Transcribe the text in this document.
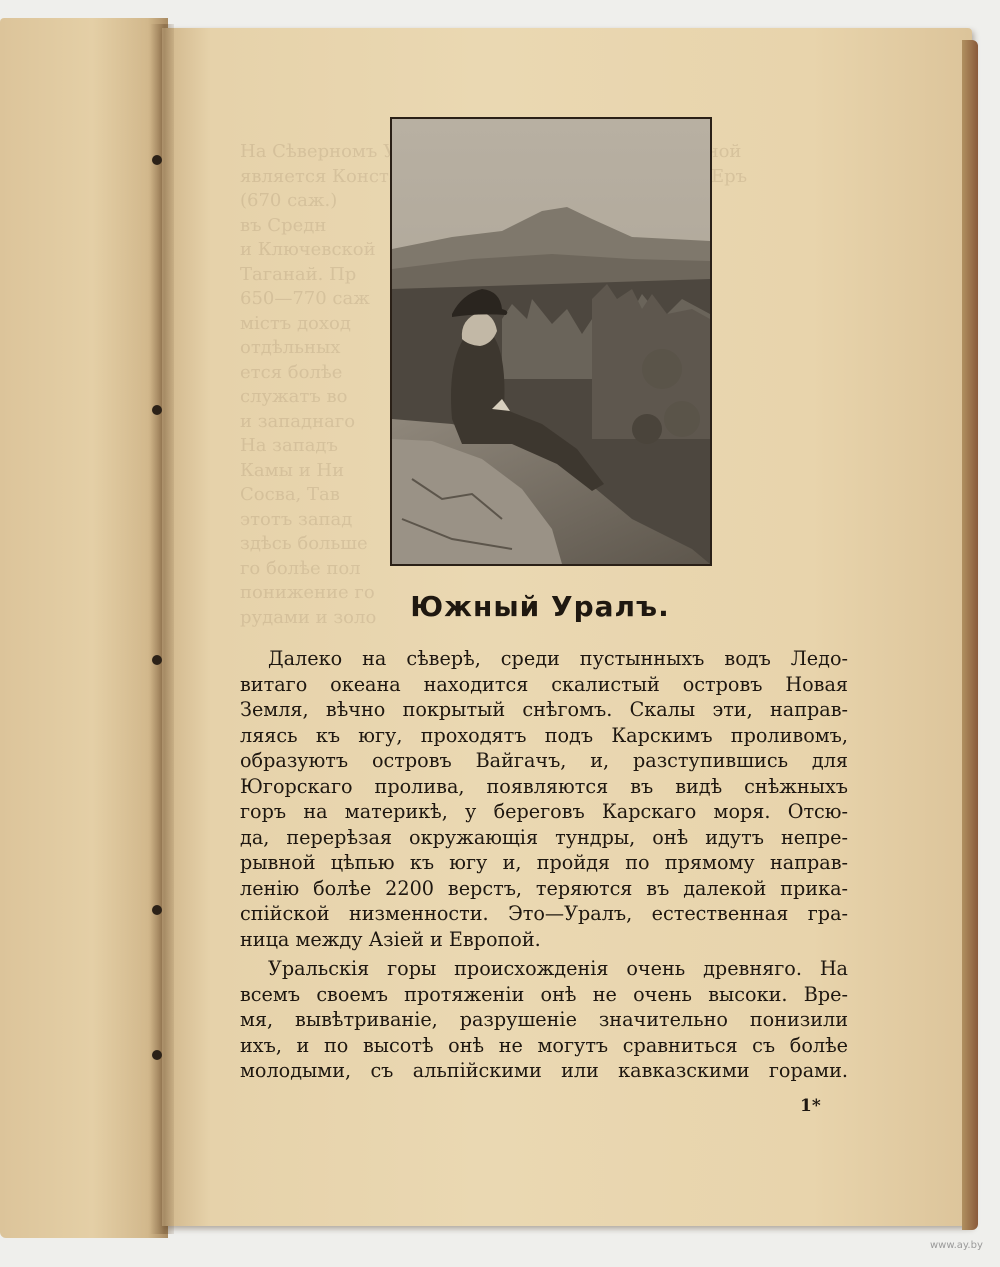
Южный Уралъ.
Далеко на сѣверѣ, среди пустынныхъ водъ Ледо-
витаго океана находится скалистый островъ Новая
Земля, вѣчно покрытый снѣгомъ. Скалы эти, направ-
ляясь къ югу, проходятъ подъ Карскимъ проливомъ,
образуютъ островъ Вайгачъ, и, разступившись для
Югорскаго пролива, появляются въ видѣ снѣжныхъ
горъ на материкѣ, у береговъ Карскаго моря. Отсю-
да, перерѣзая окружающія тундры, онѣ идутъ непре-
рывной цѣпью къ югу и, пройдя по прямому направ-
ленію болѣе 2200 верстъ, теряются въ далекой прика-
спійской низменности. Это—Уралъ, естественная гра-
ница между Азіей и Европой.
Уральскія горы происхожденія очень древняго. На
всемъ своемъ протяженіи онѣ не очень высоки. Вре-
мя, вывѣтриваніе, разрушеніе значительно понизили
ихъ, и по высотѣ онѣ не могутъ сравниться съ болѣе
молодыми, съ альпійскими или кавказскими горами.
1*
www.ay.by
